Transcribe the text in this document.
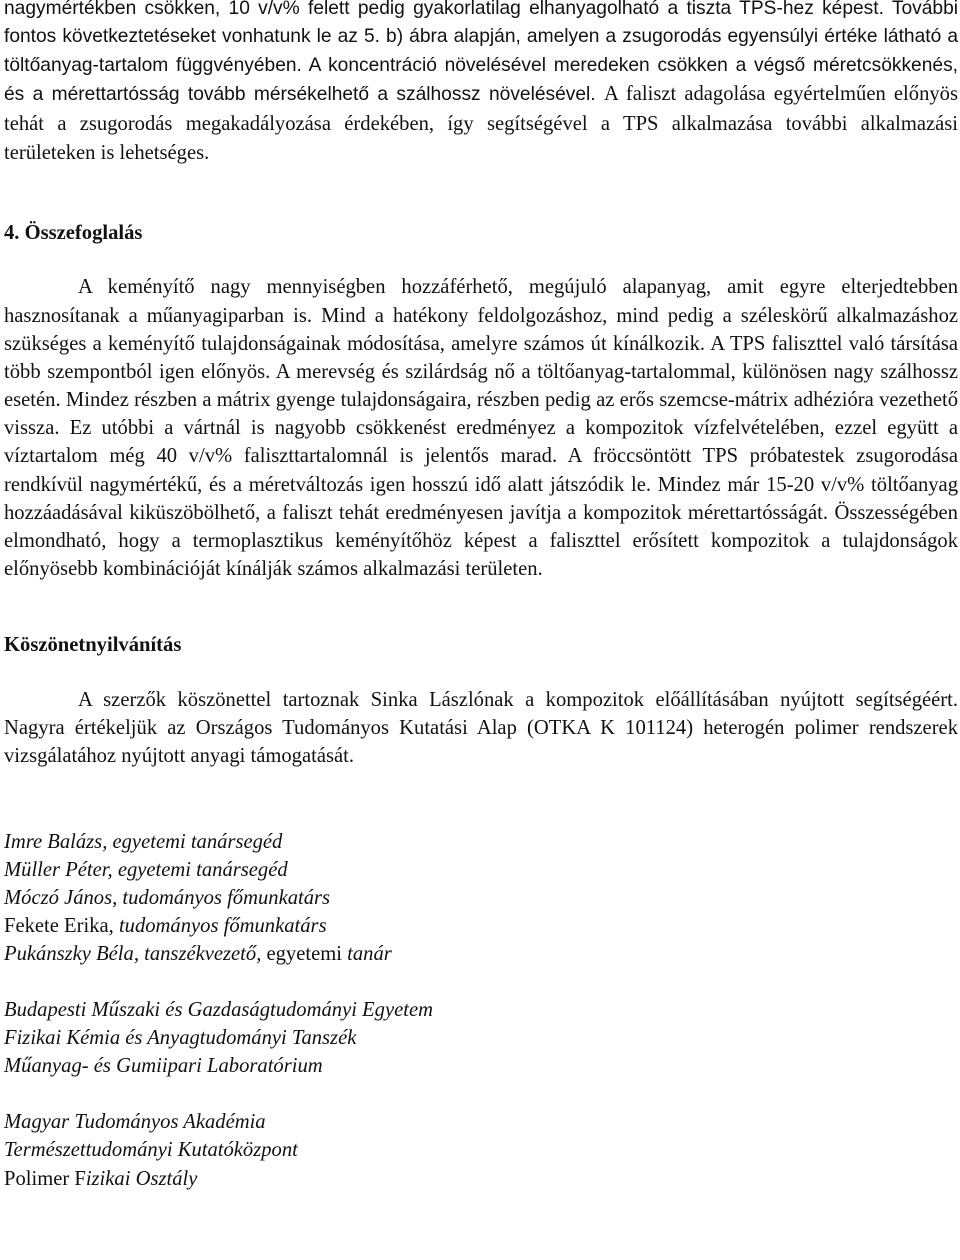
nagymértékben csökken, 10 v/v% felett pedig gyakorlatilag elhanyagolható a tiszta TPS-hez képest. További fontos következtetéseket vonhatunk le az 5. b) ábra alapján, amelyen a zsugorodás egyensúlyi értéke látható a töltőanyag-tartalom függvényében. A koncentráció növelésével meredeken csökken a végső méretcsökkenés, és a mérettartósság tovább mérsékelhető a szálhossz növelésével. A faliszt adagolása egyértelműen előnyös tehát a zsugorodás megakadályozása érdekében, így segítségével a TPS alkalmazása további alkalmazási területeken is lehetséges.

4. Összefoglalás

A keményítő nagy mennyiségben hozzáférhető, megújuló alapanyag, amit egyre elterjedtebben hasznosítanak a műanyagiparban is. Mind a hatékony feldolgozáshoz, mind pedig a széleskörű alkalmazáshoz szükséges a keményítő tulajdonságainak módosítása, amelyre számos út kínálkozik. A TPS faliszttel való társítása több szempontból igen előnyös. A merevség és szilárdság nő a töltőanyag-tartalommal, különösen nagy szálhossz esetén. Mindez részben a mátrix gyenge tulajdonságaira, részben pedig az erős szemcse-mátrix adhézióra vezethető vissza. Ez utóbbi a vártnál is nagyobb csökkenést eredményez a kompozitok vízfelvételében, ezzel együtt a víztartalom még 40 v/v% faliszttartalomnál is jelentős marad. A fröccsöntött TPS próbatestek zsugorodása rendkívül nagymértékű, és a méretváltozás igen hosszú idő alatt játszódik le. Mindez már 15-20 v/v% töltőanyag hozzáadásával kiküszöbölhető, a faliszt tehát eredményesen javítja a kompozitok mérettartósságát. Összességében elmondható, hogy a termoplasztikus keményítőhöz képest a faliszttel erősített kompozitok a tulajdonságok előnyösebb kombinációját kínálják számos alkalmazási területen.

Köszönetnyilvánítás

A szerzők köszönettel tartoznak Sinka Lászlónak a kompozitok előállításában nyújtott segítségéért. Nagyra értékeljük az Országos Tudományos Kutatási Alap (OTKA K 101124) heterogén polimer rendszerek vizsgálatához nyújtott anyagi támogatását.

Imre Balázs, egyetemi tanársegéd
Müller Péter, egyetemi tanársegéd
Móczó János, tudományos főmunkatárs
Fekete Erika, tudományos főmunkatárs
Pukánszky Béla, tanszékvezető, egyetemi tanár
Budapesti Műszaki és Gazdaságtudományi Egyetem
Fizikai Kémia és Anyagtudományi Tanszék
Műanyag- és Gumiipari Laboratórium
Magyar Tudományos Akadémia
Természettudományi Kutatóközpont
Polimer Fizikai Osztály
